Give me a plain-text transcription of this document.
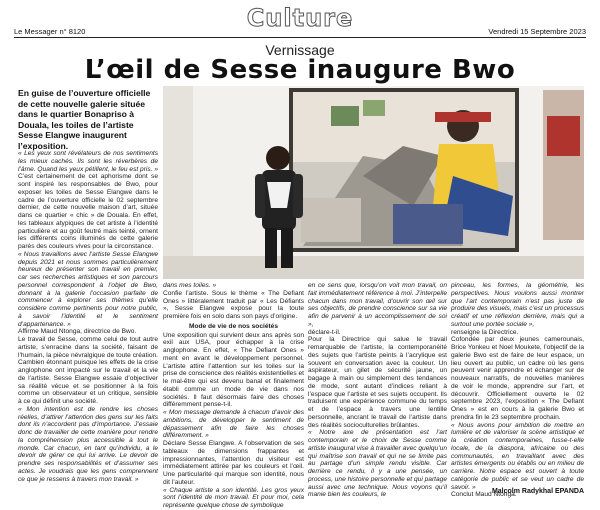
Culture
Le Messager n° 8120	Vendredi 15 Septembre 2023
Vernissage
L’œil de Sesse inaugure Bwo
En guise de l’ouverture officielle de cette nouvelle galerie située dans le quartier Bonapriso à Douala, les toiles de l’artiste Sesse Elangwe inaugurent l’exposition.

« Les yeux sont révélateurs de nos sentiments les mieux cachés. Ils sont les réverbères de l’âme. Quand les yeux pétillent, le feu est pris. »

C’est certainement de cet aphorisme dont se sont inspiré les responsables de Bwo, pour exposer les toiles de Sesse Elangwe dans le cadre de l’ouverture officielle le 02 septembre dernier, de cette nouvelle maison d’art, située dans ce quartier « chic » de Douala. En effet, les tableaux atypiques de cet artiste à l’identité particulière et au goût feutré mais teinté, ornent les différents coins illuminés de cette galerie parés des couleurs vives pour la circonstance.

« Nous travaillons avec l’artiste Sesse Elangwe depuis 2021 et nous sommes particulièrement heureux de présenter son travail en premier, car ses recherches artistiques et son parcours personnel correspondent à l’objet de Bwo, donnant à la galerie l’occasion parfaite de commencer à explorer ses thèmes qu’elle considère comme pertinents pour notre public, à savoir l’identité et le sentiment d’appartenance. »

Affirme Maud Ntonga, directrice de Bwo.

Le travail de Sesse, comme celui de tout autre artiste, s’enracine dans la société, faisant de l’humain, la pièce névralgique de toute création. Cambien étonnant puisque les effets de la crise anglophone ont impacté sur le travail et la vie de l’artiste. Sesse Elangwe essaie d’objectiver sa réalité vécue et se positionner à la fois comme un observateur et un critique, sensible à ce qui définit une société.

« Mon intention est de rendre les choses réelles, d’attirer l’attention des gens sur les faits dont ils n’accordent pas d’importance. J’essaie donc de travailler de cette manière pour rendre la compréhension plus accessible à tout le monde. Car chacun, en tant qu’individu, a le devoir de gérer ce qui lui arrive. Le devoir de prendre ses responsabilités et d’assumer ses actes. Je voudrais que les gens comprennent ce que je ressens à travers mon travail. »

dans mes toiles. »

Confie l’artiste. Sous le thème « The Defiant Ones » littéralement traduit par « Les Défiants », Sesse Elangwe expose pour la toute première fois en solo dans son pays d’origine.

Mode de vie de nos sociétés

Une exposition qui survient deux ans après son exil aux USA, pour échapper à la crise anglophone. En effet, « The Defiant Ones » ment en avant le développement personnel. L’artiste attire l’attention sur les toiles sur la prise de conscience des réalités existentielles et le mal-être qui est devenu banal et finalement établi comme un mode de vie dans nos sociétés. Il faut désormais faire des choses différemment pense-t-il.

« Mon message demande à chacun d’avoir des ambitions, de développer le sentiment de dépassement afin de faire les choses différemment. »

Déclare Sesse Elangwe. A l’observation de ses tableaux de dimensions frappantes et impressionnantes, l’attention du visiteur est immédiatement attirée par les couleurs et l’œil. Une particularité qui marque son identité, nous dit l’auteur.

« Chaque artiste a son identité. Les gros yeux sont l’identité de mon travail. Et pour moi, cela représente quelque chose de symbolique

en ce sens que, lorsqu’on voit mon travail, on fait immédiatement référence à moi. J’interpelle chacun dans mon travail, d’ouvrir son œil sur ses objectifs, de prendre conscience sur sa vie afin de parvenir à un accomplissement de soi »,

déclare-t-il.

Pour la Directrice qui salue le travail remarquable de l’artiste, la contemporanéité des sujets que l’artiste peints à l’acrylique est souvent en conversation avec la couleur. Un aspirateur, un gilet de sécurité jaune, un bagage à main ou simplement des tendances de mode, sont autant d’indices reliant à l’espace que l’artiste et ses sujets occupent. Ils traduisent une expérience commune du temps et de l’espace à travers une lentille personnelle, ancrant le travail de l’artiste dans des réalités socioculturelles brûlantes.

« Notre axe de présentation est l’art contemporain et le choix de Sesse comme artiste inaugural vise à travailler avec quelqu’un qui maîtrise son travail et qui ne se limite pas au partage d’un simple rendu visible. Car derrière ce rendu, il y a une pensée, un process, une histoire personnelle et qui partage aussi avec une technique. Nous voyons qu’il manie bien les couleurs, le

pinceau, les formes, la géométrie, les perspectives. Nous voulons aussi montrer que l’art contemporain n’est pas juste de produire des visuels, mais c’est un processus créatif et une réflexion derrière, mais qui a surtout une portée sociale »,

renseigne la Directrice.

Cofondée par deux jeunes camerounais, Brice Yonkeu et Noel Moukete, l’objectif de la galerie Bwo est de faire de leur espace, un lieu ouvert au public, un cadre où les gens peuvent venir apprendre et échanger sur de nouveaux narratifs, de nouvelles manières de voir le monde, apprendre sur l’art, et découvrir. Officiellement ouverte le 02 septembre 2023, l’exposition « The Defiant Ones » est en cours à la galerie Bwo et prendra fin le 23 septembre prochain.

« Nous avons pour ambition de mettre en lumière et de valoriser la scène artistique et la création contemporaines, fusse-t-elle locale, de la diaspora, africaine ou des communautés, en travaillant avec des artistes émergents ou établis ou en milieu de carrière. Notre espace est ouvert à toute catégorie de public et se veut un cadre de savoir. »

Conclut Maud Ntonga.

Malcolm Radykhal EPANDA
